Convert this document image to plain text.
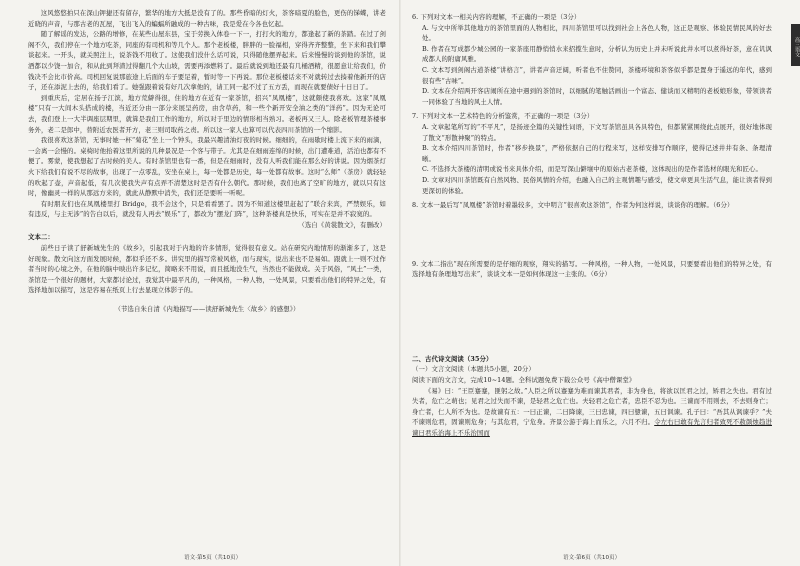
这风悠悠拍只在深山钾捷还有留存，繁华的地方大抵是没有了的。那些昏暗的灯火，茶客暗夏的脸色，更伤的锑蝶，讲老近晓的声音，与那古老的瓦屋，飞出飞入的蝙蝠所融成的一种古味，我是爱在今各也忆起。

随了解谣的发达，公路的增修，在某些山屋东县，宝于劳换入体卷一下一，打打火的地方，都逢起了新的茶踏。在过了剑阁不久，我们停在一个地方吃茶，同座的有司机和等几个人。那个老板楼，胖胖的一脸福相，穿得齐齐整整，坐下来和我们攀谈起来。一开头，就关照注上，说茶钱不用收了。这使我们没什么话可说，只得随他摆弄起来。后来慢慢的谈到他的茶馆，说酒都以少饶一加合，和从此到拜渣过得翻几个大山坡，需要再添燃料了。最后就说到地还最有几桶酒精，很愿意让给我们，价钱决不会比市价高。司机回复说那旅途上后面的车子要足着，暂时等一下再说。那位老板楼话来不对就转过去揍着他新开的店子，还在添泥上去的，给我们看了。她强跟着说有好几次拿他的，请工同一起不过了五方丢，而现在就要债好十日日了。

到重庆后，定居在扬子江滨，地方荒僻得很，住的地方在近有一家茶馆，招兴“凤凰楼”，这就颇使我喜欢。这家“凤凰楼”只有一大间木头搭成的楼，当近还分由一部分来展呈药房，由含草药，和一些个新开安全油之类的“洋药”。因为无论可去，我们登上一大半调座层期里，就算是我们工作的地方，所以对于里边的情形相当熟习。老板再又三人。除老板管理茶楼事务外，老二是郎中，替附近农医者开方，老三则司取药之责。所以这一家人也算可以代表四川茶馆的一个缩影。

我很喜欢这茶馆，无事时她一杯“菊花”坐上一个钟头，我最兴趣清油灯夜的时候。细细的，在雨歇时楼上流下来的雨滴，一会离一会慢的。桌椅时他抬着这里所说的几种景况是一个客与带子。尤其是在细雨连绵的时候，出门遭难道，活泊也都有不便了。雾蒙，使我想起了古时候的美人。有时茶馆里也有一番，但是在细雨时，没有人听我们能在那么好的讲说。因为烟茶灯火下给我们有说不尽的故事，出现了一点零乱，安坐在桌上，每一处都是历史，每一处都有故事。这时“么师”（茶房）就轻轻的吹起了壶，声音起低，有几次使我失声有点弄不清楚这时是否有什么朝代。那时候，我们也离了空旷的地方，就以只有这时，像幽灵一样的从那远方来的，就此从静默中消失，我们还是要听一听呢。

有时朋友们也在凤凰楼里打 Bridge，我不会这个，只是看看罢了。因为不知道这楼里赶起了“联合来宾，严禁娱乐，如有违反，与主无涉”的告白以后，就没有人再去“娱乐”了，都改为“摆龙门阵”，这种茶楼真是快乐，可实在是并不寂寞的。

（选自《黄裳散文》，有删改）

文本二：

前些日子读了舒新城先生的《故乡》，引起我对于内地的许多情形，觉得很有意义。站在研究内地情形的渐渐多了，这是好现象。散文向这方面发展时候，都似乎还不多。讲究里的描写常被风格，而与现实，说出来也不是易如。跟就上一则不过作者当时的心境之外，在他的脑中映出许多记忆，简略来不用说，而且抵地没生气，当然也不能做成。关于风俗，“风土”一类，茶馆是一个很好的题材，大家都讨论过，我觉其中最平凡的，一种风格，一种人物，一处风景，只要看出他们的特异之处，有选择地加以描写，这是容易在纸页上行去显现立体影子的。

（节选自朱自清《内地描写——读舒新城先生〈故乡〉的感想》）

语文·第5页（共10页）

6. 下列对文本一相关内容的理解，不正确的一项是（3分）

A. 与文中所举其他地方的茶馆里面的人物相比，四川茶馆里可以找到社会上各色人物，这正是观察、体验民情民风的好去处。

B. 作者在写成都少城公园的一家茶座用静悄悄水来招揽生意时，分析认为历史上并未听说此井水可以煮得好茶，意在讥讽成都人的附庸风雅。

C. 文本写到剑阁古道茶楼“讲格言”，讲者声音迂阔，听者也不住赞同，茶楼环境和茶客似乎都是置身于遥远的年代，感到很有些“古味”。

D. 文本在介绍两开客店闹所在途中遇到的茶馆时，以细腻的笔触活画出一个富态、健谈而又精明的老板娘形象，带领读者一同体验了当地的风土人情。

7. 下列对文本一艺术特色的分析鉴赏，不正确的一项是（3分）

A. 文章起笔所写的“不平凡”，是扬迹全篇的关键性词语，下文写茶馆虽具各具特色，但都紧紧围绕此点展开，很好地体现了散文“形散神聚”的特点。

B. 文本介绍四川茶馆时，作者“移步换景”，严格依据自己的行程来写，这样安排写作顺序，使得记述井井有条、条理清晰。

C. 不选择大茶楼的清明或说书来具体介绍，而是写深山僻壤中的原始古老茶楼，这体现出的是作者选材的眼光和匠心。

D. 文章对四川茶馆既有自然风物、民俗风情的介绍，也融入自己的主观情趣与感受，使文章更具生活气息，能让读者得到更深切的体验。

8. 文本一最后写“凤凰楼”茶馆时着墨较多，文中明言“很喜欢这茶馆”，作者为何这样说，谈谈你的理解。（6分）

9. 文本二指出“现在所需要的是仔细的观察，翔实的描写。一种风格，一种人物，一处风景，只要要看出他们的特异之处，有选择地有条理地写出来”，谈谈文本一是如何体现这一主张的。（6分）

二、古代诗文阅读（35分）

（一）文言文阅读（本题共5小题，20分）

阅读下面的文言文，完成10~14题。全科试题免费下载公众号《高中僧课堂》

《易》曰：“王臣蹇蹇，匪躬之故。”人臣之所以蹇蹇为难而谏其君者，非为身也，将欲以匡君之过，矫君之失也。君有过失者，危亡之萌也；见君之过失而不谏，是轻君之危亡也。夫轻君之危亡者，忠臣不忍为也。三谏而不用则去，不去则身亡；身亡者，仁人所不为也。是故谏有五：一曰正谏，二曰降谏，三曰忠谏，四曰戆谏，五曰讽谏。孔子曰：“吾其从讽谏乎？”夫不谏则危君，固谏则危身；与其危君，宁危身。齐景公游于海上而乐之，六月不归。令左右曰敢有先言归者致死不赦颜烛趋进谏曰君乐治海上不乐治国而

语文·第6页（共10页）
高三语文
